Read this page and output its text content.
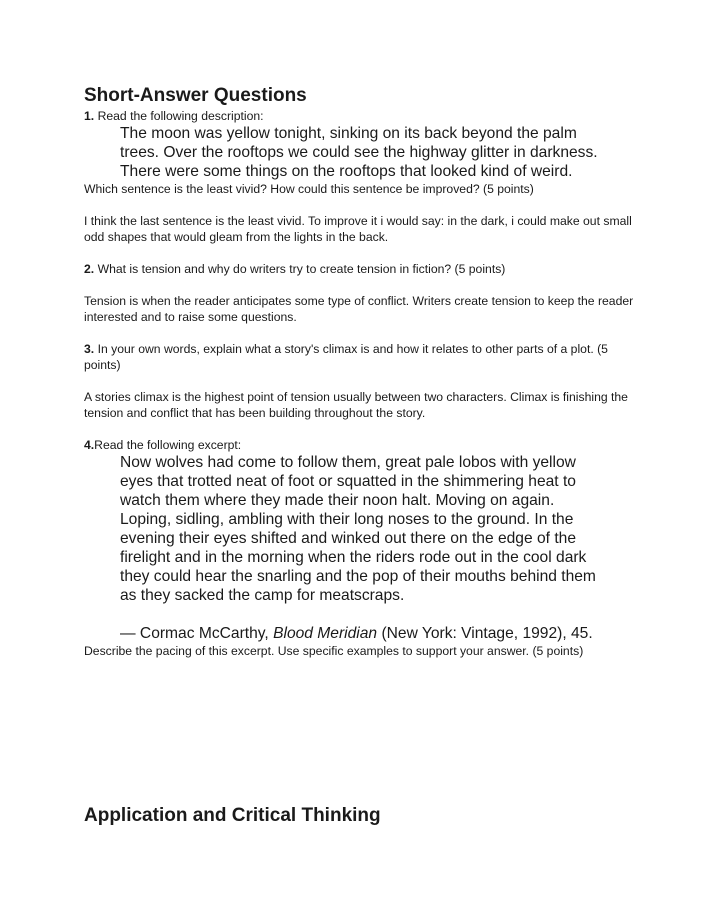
Short-Answer Questions

1. Read the following description:

The moon was yellow tonight, sinking on its back beyond the palm trees. Over the rooftops we could see the highway glitter in darkness. There were some things on the rooftops that looked kind of weird.

Which sentence is the least vivid? How could this sentence be improved? (5 points)

I think the last sentence is the least vivid. To improve it i would say: in the dark, i could make out small odd shapes that would gleam from the lights in the back.

2. What is tension and why do writers try to create tension in fiction? (5 points)

Tension is when the reader anticipates some type of conflict. Writers create tension to keep the reader interested and to raise some questions.

3. In your own words, explain what a story's climax is and how it relates to other parts of a plot. (5 points)

A stories climax is the highest point of tension usually between two characters. Climax is finishing the tension and conflict that has been building throughout the story.

4.Read the following excerpt:

Now wolves had come to follow them, great pale lobos with yellow eyes that trotted neat of foot or squatted in the shimmering heat to watch them where they made their noon halt. Moving on again. Loping, sidling, ambling with their long noses to the ground. In the evening their eyes shifted and winked out there on the edge of the firelight and in the morning when the riders rode out in the cool dark they could hear the snarling and the pop of their mouths behind them as they sacked the camp for meatscraps.

— Cormac McCarthy, Blood Meridian (New York: Vintage, 1992), 45.

Describe the pacing of this excerpt. Use specific examples to support your answer. (5 points)

Application and Critical Thinking
